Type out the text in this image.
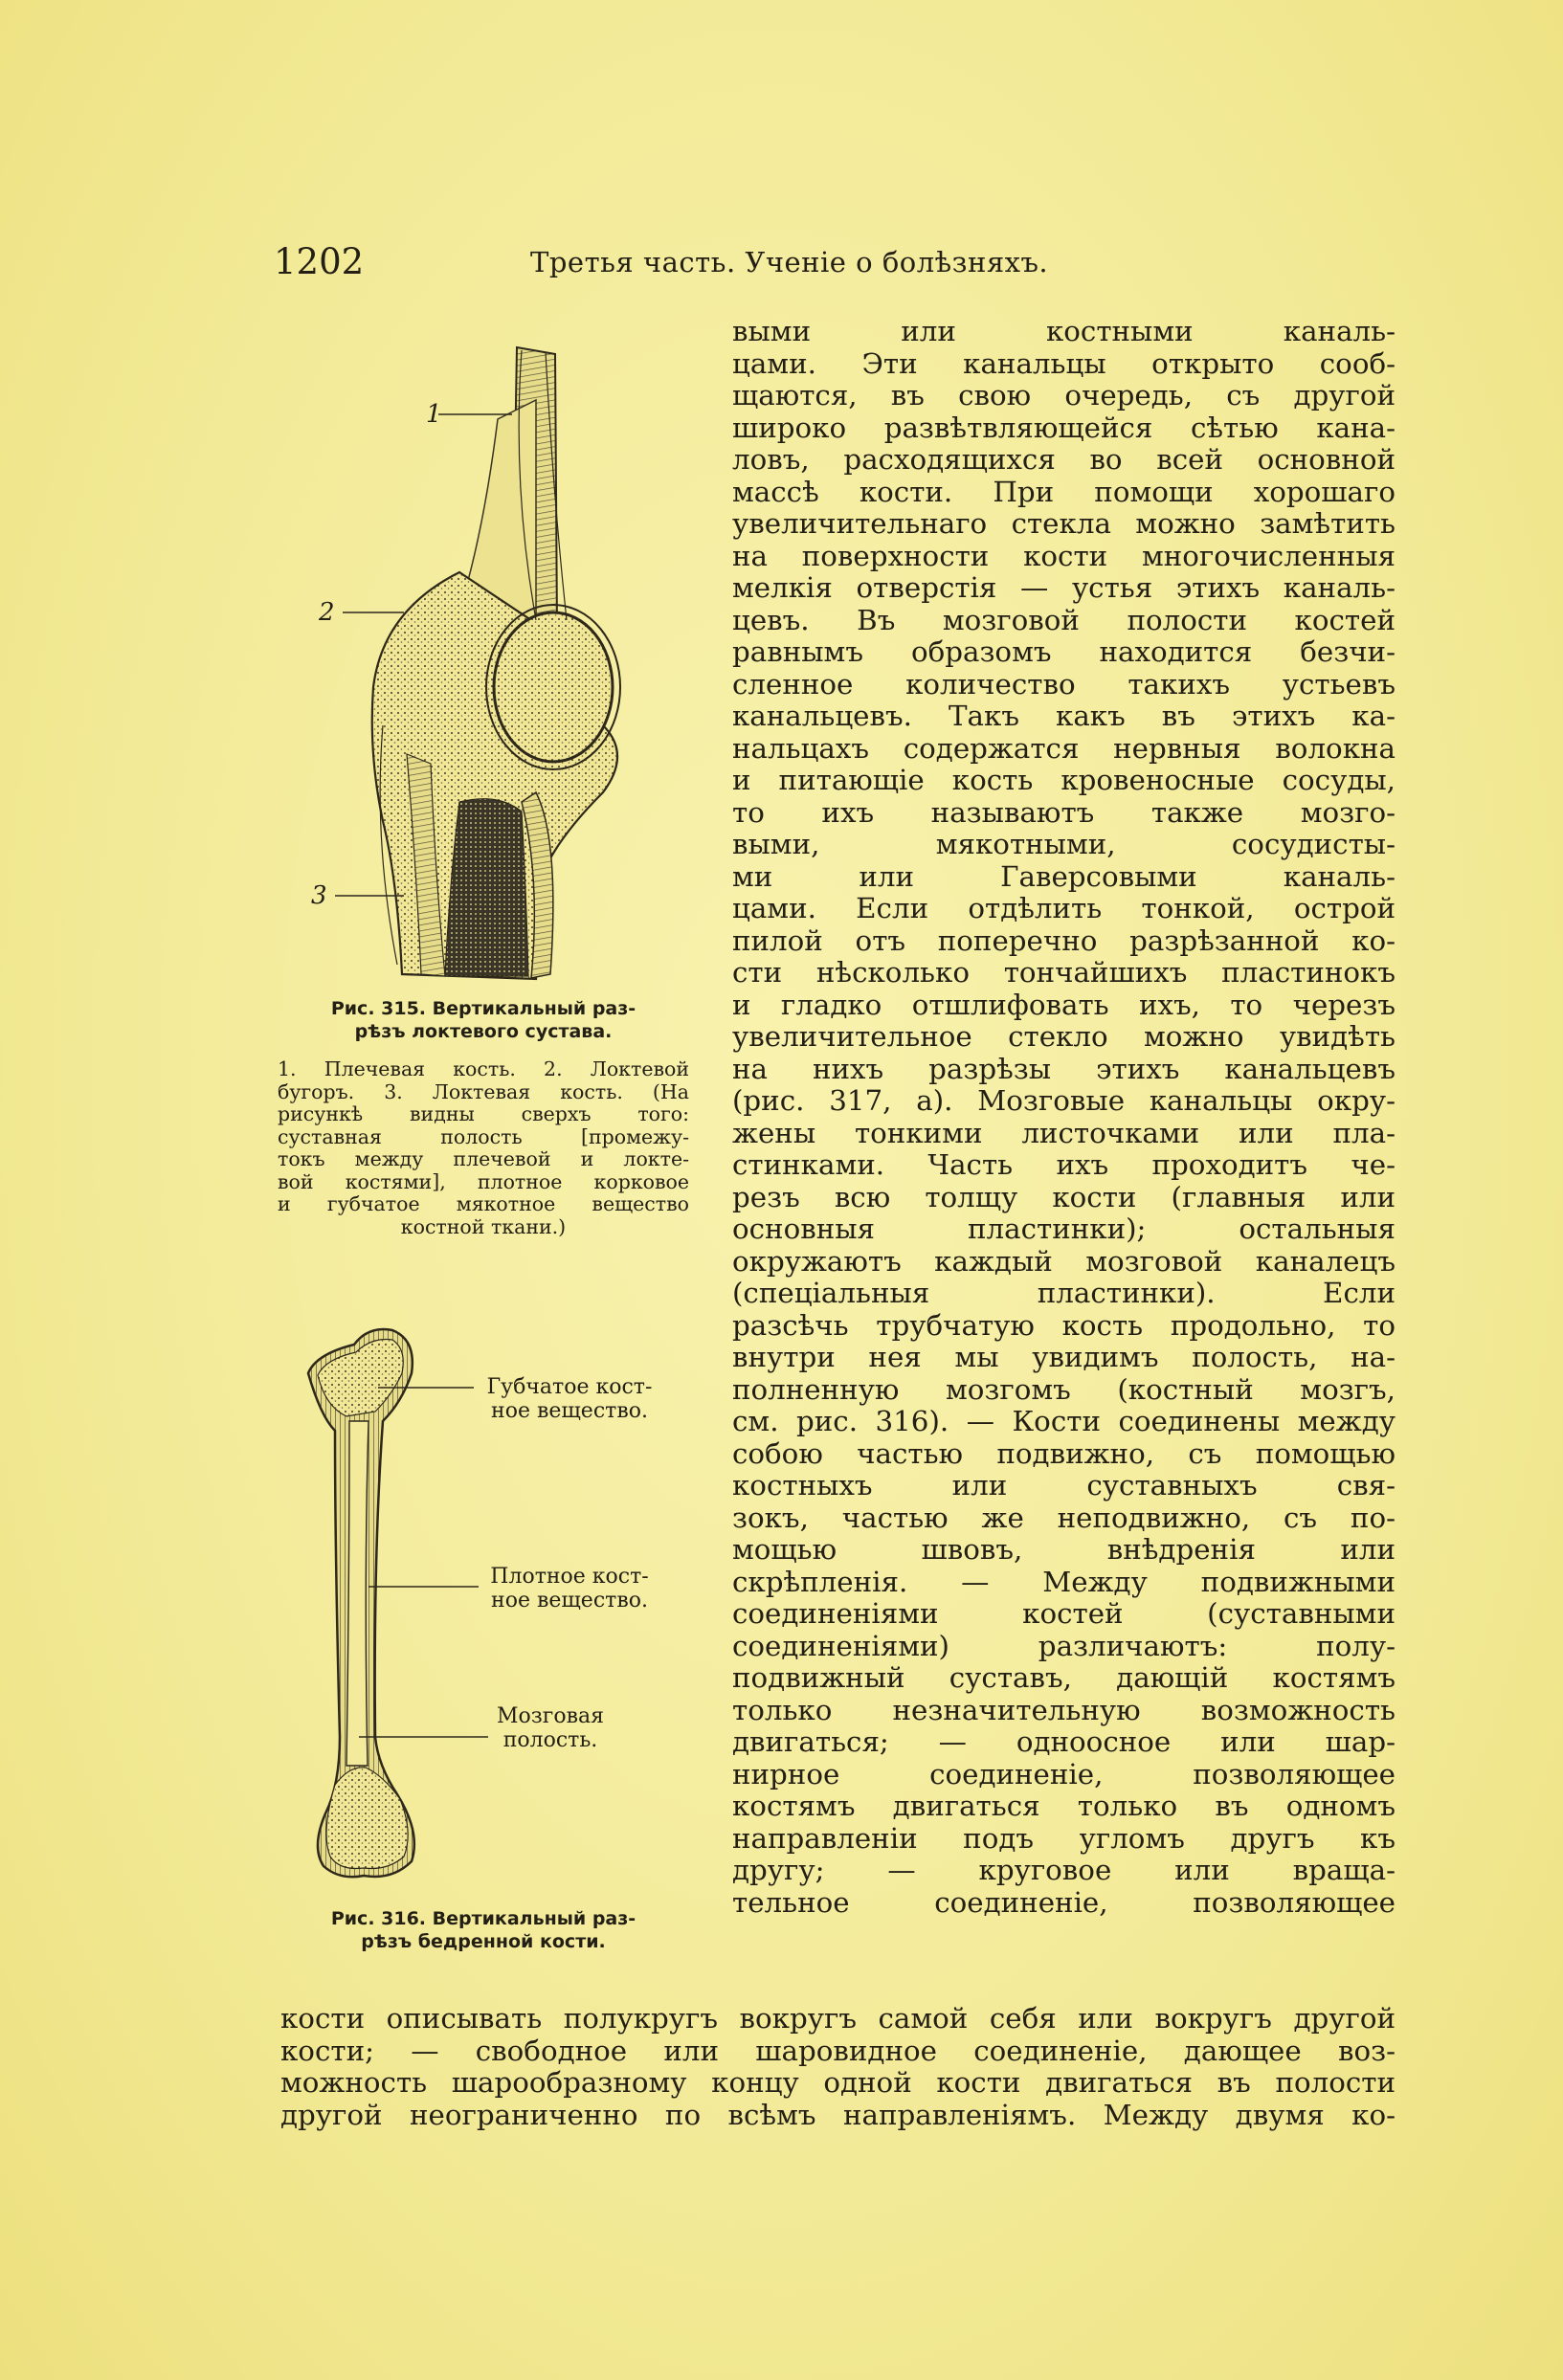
1202	Третья часть. Ученіе о болѣзняхъ.
1
2
3
Рис. 315. Вертикальный раз-
рѣзъ локтевого сустава.
1. Плечевая кость. 2. Локтевой
бугоръ. 3. Локтевая кость. (На
рисункѣ видны сверхъ того:
суставная полость [промежу-
токъ между плечевой и локте-
вой костями], плотное корковое
и губчатое мякотное вещество
костной ткани.)
Губчатое кост-
ное вещество.
Плотное кост-
ное вещество.
Мозговая
полость.
Рис. 316. Вертикальный раз-
рѣзъ бедренной кости.
выми или костными каналь-
цами. Эти канальцы открыто сооб-
щаются, въ свою очередь, съ другой
широко развѣтвляющейся сѣтью кана-
ловъ, расходящихся во всей основной
массѣ кости. При помощи хорошаго
увеличительнаго стекла можно замѣтить
на поверхности кости многочисленныя
мелкія отверстія — устья этихъ каналь-
цевъ. Въ мозговой полости костей
равнымъ образомъ находится безчи-
сленное количество такихъ устьевъ
канальцевъ. Такъ какъ въ этихъ ка-
нальцахъ содержатся нервныя волокна
и питающіе кость кровеносные сосуды,
то ихъ называютъ также мозго-
выми, мякотными, сосудисты-
ми или Гаверсовыми каналь-
цами. Если отдѣлить тонкой, острой
пилой отъ поперечно разрѣзанной ко-
сти нѣсколько тончайшихъ пластинокъ
и гладко отшлифовать ихъ, то черезъ
увеличительное стекло можно увидѣть
на нихъ разрѣзы этихъ канальцевъ
(рис. 317, а). Мозговые канальцы окру-
жены тонкими листочками или пла-
стинками. Часть ихъ проходитъ че-
резъ всю толщу кости (главныя или
основныя пластинки); остальныя
окружаютъ каждый мозговой каналецъ
(спеціальныя пластинки). Если
разсѣчь трубчатую кость продольно, то
внутри нея мы увидимъ полость, на-
полненную мозгомъ (костный мозгъ,
см. рис. 316). — Кости соединены между
собою частью подвижно, съ помощью
костныхъ или суставныхъ свя-
зокъ, частью же неподвижно, съ по-
мощью швовъ, внѣдренія или
скрѣпленія. — Между подвижными
соединеніями костей (суставными
соединеніями) различаютъ: полу-
подвижный суставъ, дающій костямъ
только незначительную возможность
двигаться; — одноосное или шар-
нирное соединеніе, позволяющее
костямъ двигаться только въ одномъ
направленіи подъ угломъ другъ къ
другу; — круговое или враща-
тельное соединеніе, позволяющее
кости описывать полукругъ вокругъ самой себя или вокругъ другой
кости; — свободное или шаровидное соединеніе, дающее воз-
можность шарообразному концу одной кости двигаться въ полости
другой неограниченно по всѣмъ направленіямъ. Между двумя ко-
